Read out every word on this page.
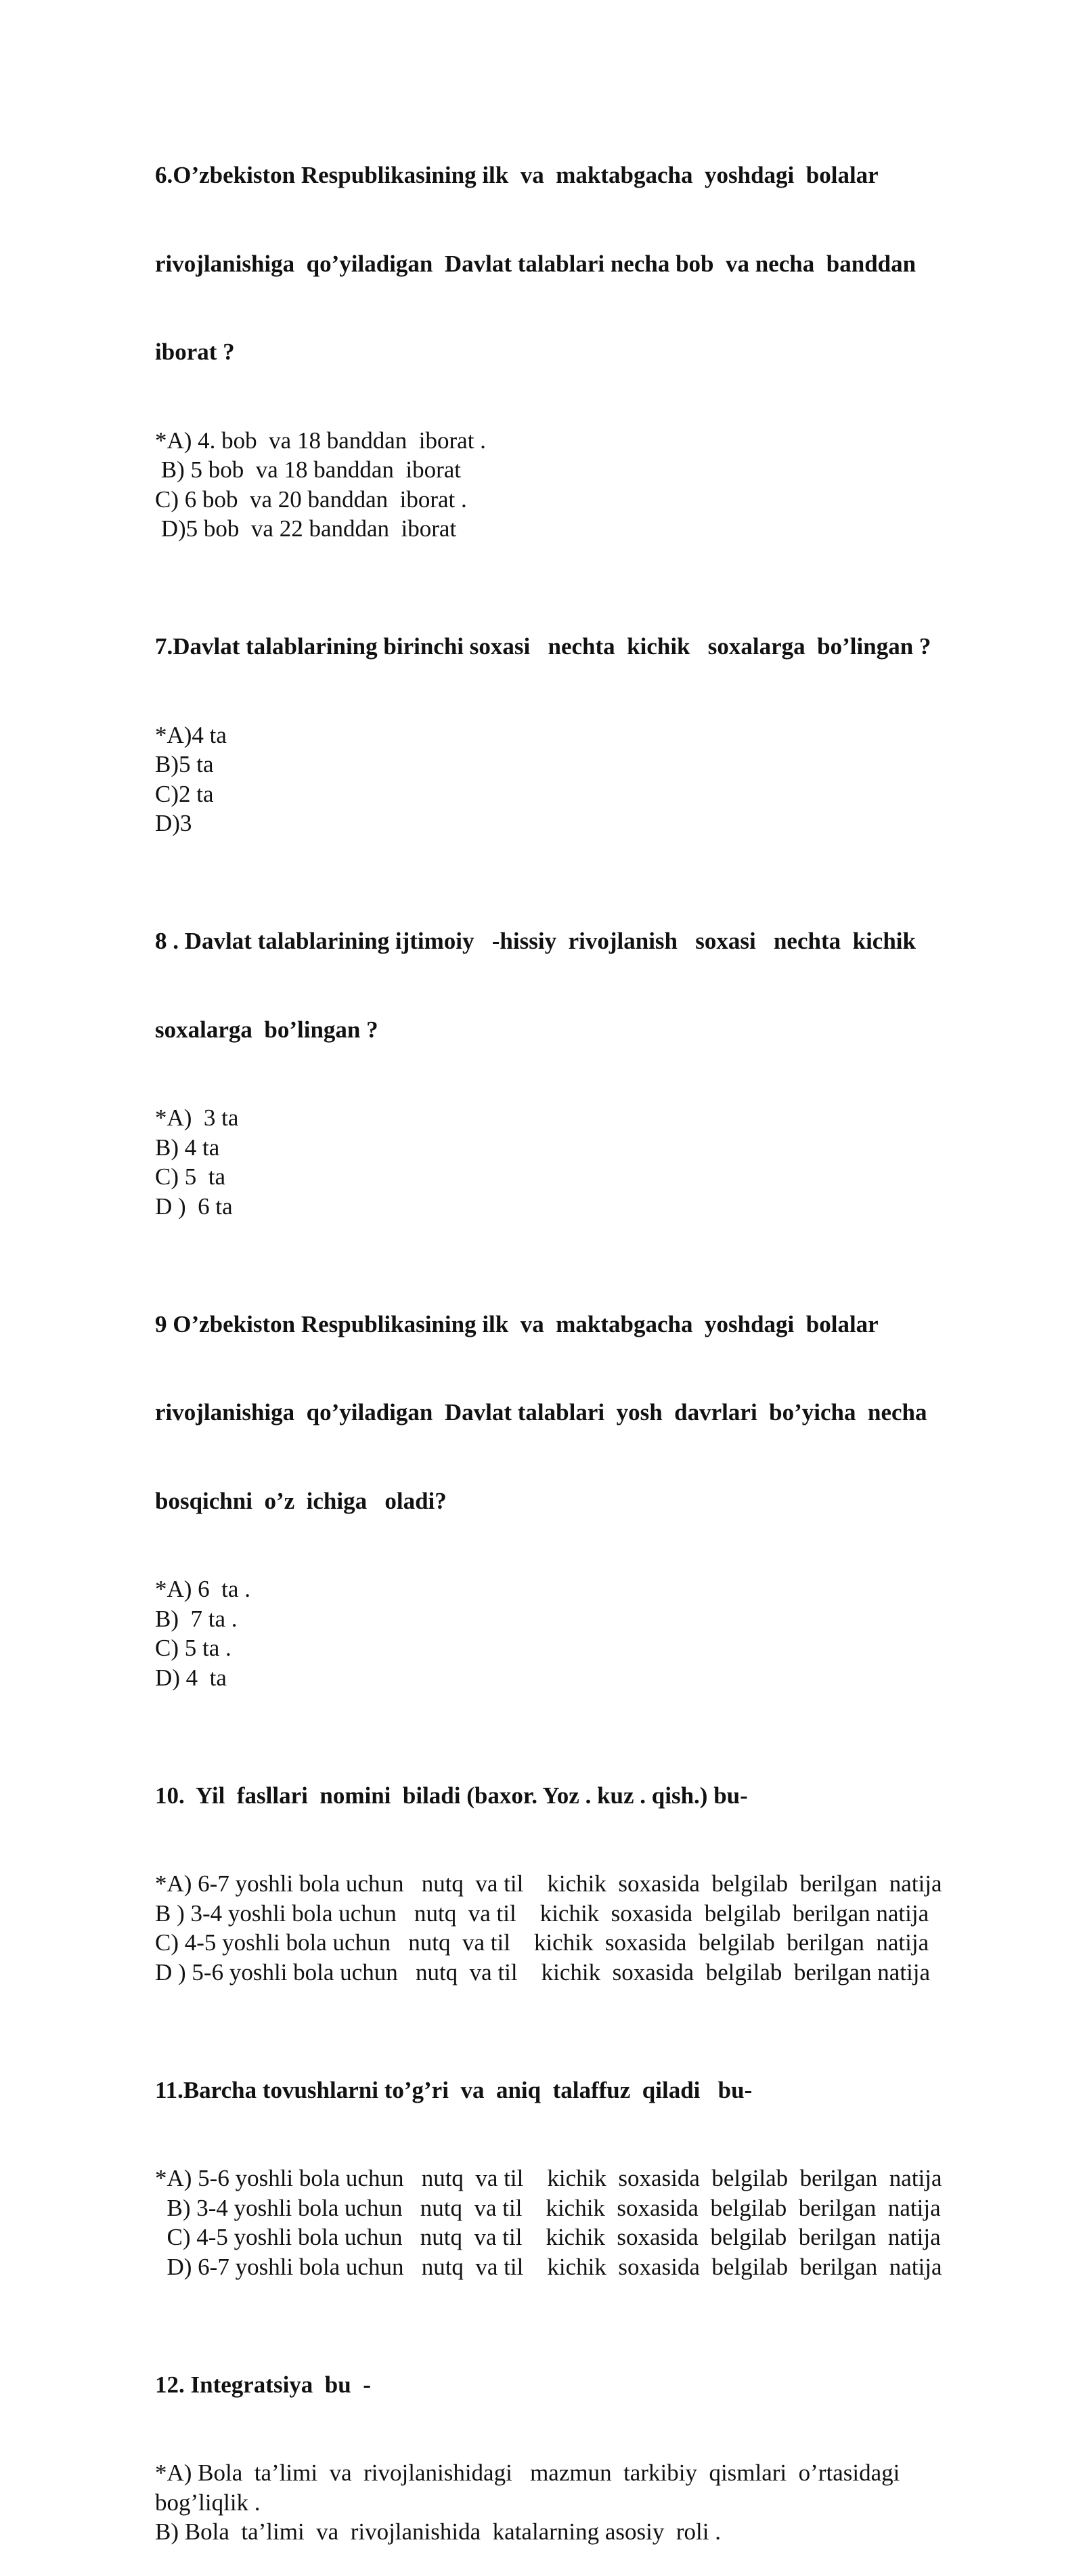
6.O’zbekiston Respublikasining ilk  va  maktabgacha  yoshdagi  bolalar

rivojlanishiga  qo’yiladigan  Davlat talablari necha bob  va necha  banddan

iborat ?

*A) 4. bob  va 18 banddan  iborat .
B) 5 bob  va 18 banddan  iborat
C) 6 bob  va 20 banddan  iborat .
D)5 bob  va 22 banddan  iborat

7.Davlat talablarining birinchi soxasi   nechta  kichik   soxalarga  bo’lingan ?

*A)4 ta
B)5 ta
C)2 ta
D)3

8 . Davlat talablarining ijtimoiy   -hissiy  rivojlanish   soxasi   nechta  kichik

soxalarga  bo’lingan ?

*A)  3 ta
B) 4 ta
C) 5  ta
D )  6 ta

9 O’zbekiston Respublikasining ilk  va  maktabgacha  yoshdagi  bolalar

rivojlanishiga  qo’yiladigan  Davlat talablari  yosh  davrlari  bo’yicha  necha

bosqichni  o’z  ichiga   oladi?

*A) 6  ta .
B)  7 ta .
C) 5 ta .
D) 4  ta

10.  Yil  fasllari  nomini  biladi (baxor. Yoz . kuz . qish.) bu-

*A) 6-7 yoshli bola uchun   nutq  va til    kichik  soxasida  belgilab  berilgan  natija
B ) 3-4 yoshli bola uchun   nutq  va til    kichik  soxasida  belgilab  berilgan natija
C) 4-5 yoshli bola uchun   nutq  va til    kichik  soxasida  belgilab  berilgan  natija
D ) 5-6 yoshli bola uchun   nutq  va til    kichik  soxasida  belgilab  berilgan natija

11.Barcha tovushlarni to’g’ri  va  aniq  talaffuz  qiladi   bu-

*A) 5-6 yoshli bola uchun   nutq  va til    kichik  soxasida  belgilab  berilgan  natija
B) 3-4 yoshli bola uchun   nutq  va til    kichik  soxasida  belgilab  berilgan  natija
C) 4-5 yoshli bola uchun   nutq  va til    kichik  soxasida  belgilab  berilgan  natija
D) 6-7 yoshli bola uchun   nutq  va til    kichik  soxasida  belgilab  berilgan  natija

12. Integratsiya  bu  -

*A) Bola  ta’limi  va  rivojlanishidagi   mazmun  tarkibiy  qismlari  o’rtasidagi
bog’liqlik .
B) Bola  ta’limi  va  rivojlanishida  katalarning asosiy  roli .
